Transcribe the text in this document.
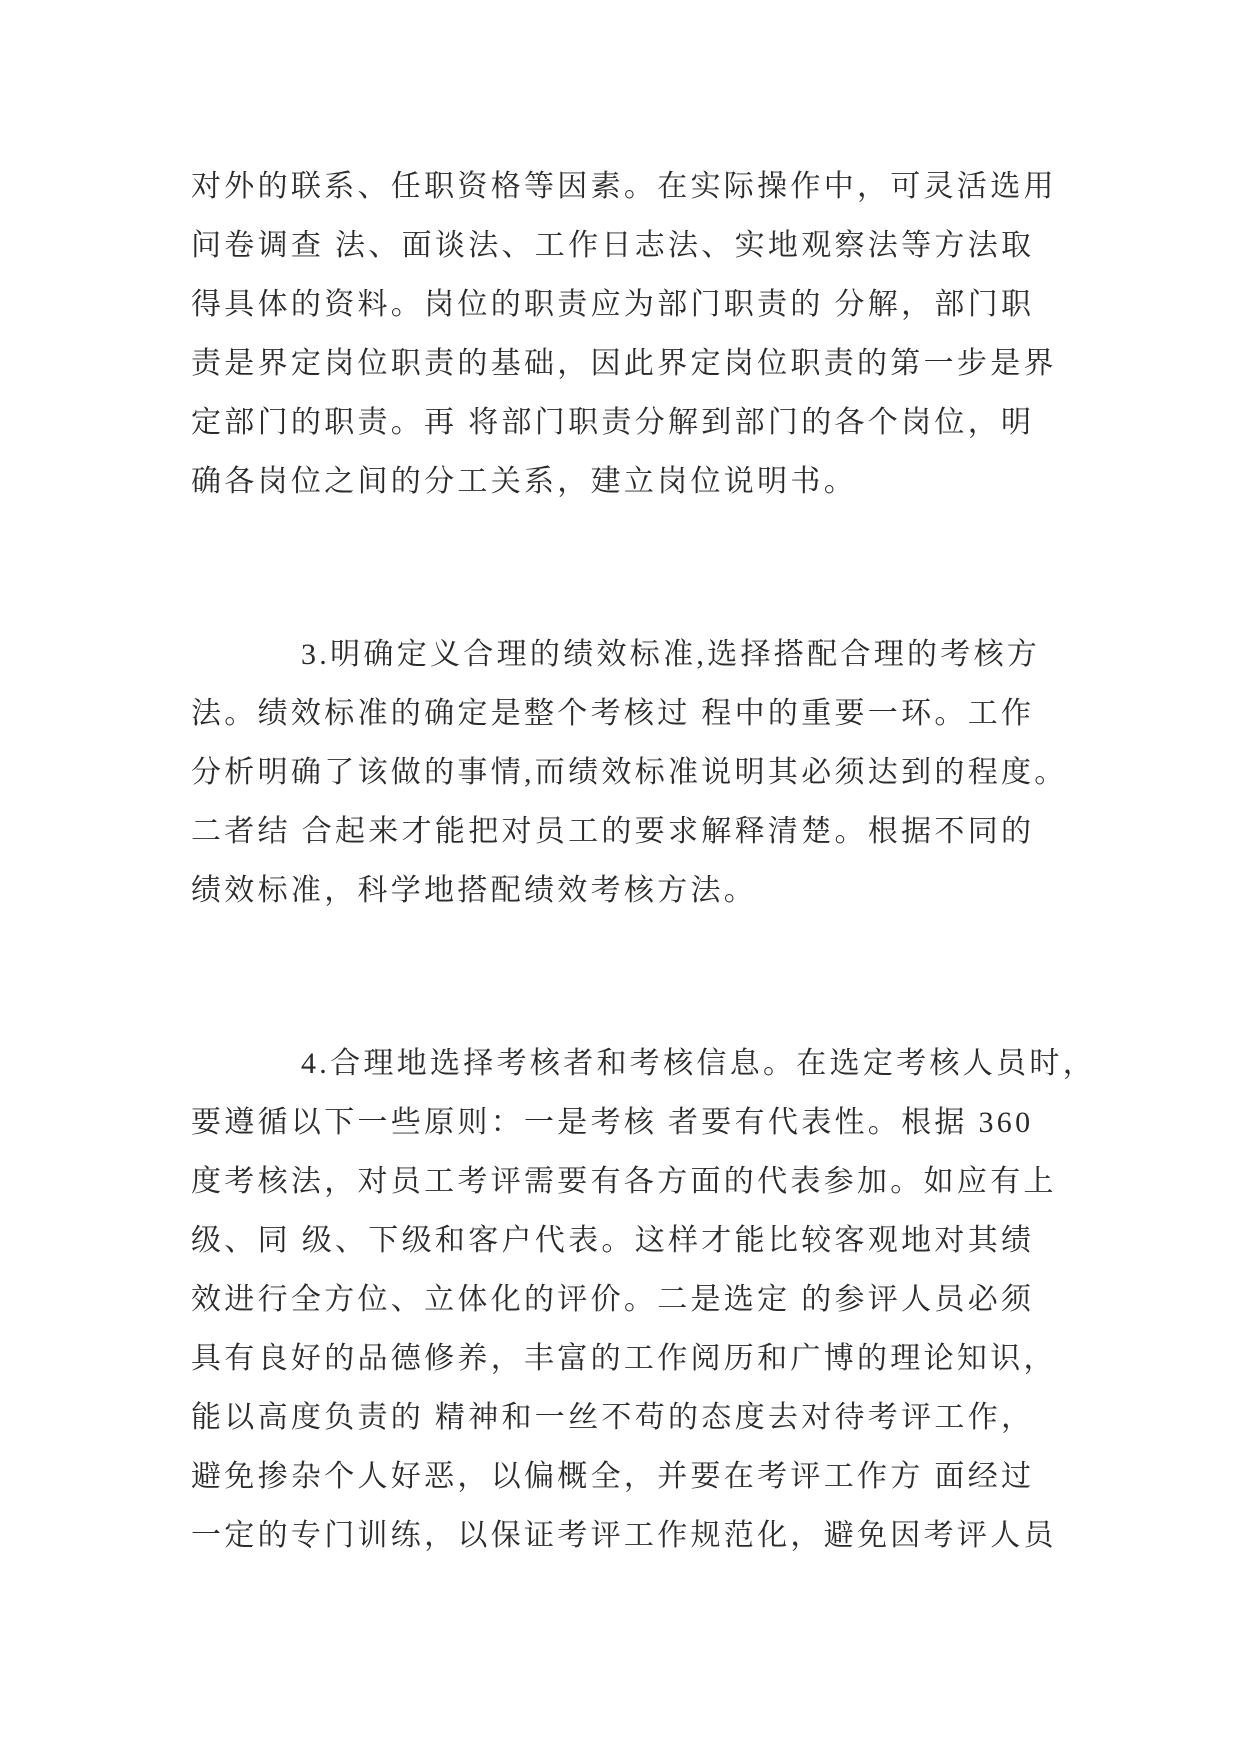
对外的联系、任职资格等因素。在实际操作中，可灵活选用
问卷调查 法、面谈法、工作日志法、实地观察法等方法取
得具体的资料。岗位的职责应为部门职责的 分解，部门职
责是界定岗位职责的基础，因此界定岗位职责的第一步是界
定部门的职责。再 将部门职责分解到部门的各个岗位，明
确各岗位之间的分工关系，建立岗位说明书。
3.明确定义合理的绩效标准,选择搭配合理的考核方
法。绩效标准的确定是整个考核过 程中的重要一环。工作
分析明确了该做的事情,而绩效标准说明其必须达到的程度。
二者结 合起来才能把对员工的要求解释清楚。根据不同的
绩效标准，科学地搭配绩效考核方法。
4.合理地选择考核者和考核信息。在选定考核人员时，
要遵循以下一些原则：一是考核 者要有代表性。根据 360
度考核法，对员工考评需要有各方面的代表参加。如应有上
级、同 级、下级和客户代表。这样才能比较客观地对其绩
效进行全方位、立体化的评价。二是选定 的参评人员必须
具有良好的品德修养，丰富的工作阅历和广博的理论知识，
能以高度负责的 精神和一丝不苟的态度去对待考评工作，
避免掺杂个人好恶，以偏概全，并要在考评工作方 面经过
一定的专门训练，以保证考评工作规范化，避免因考评人员
